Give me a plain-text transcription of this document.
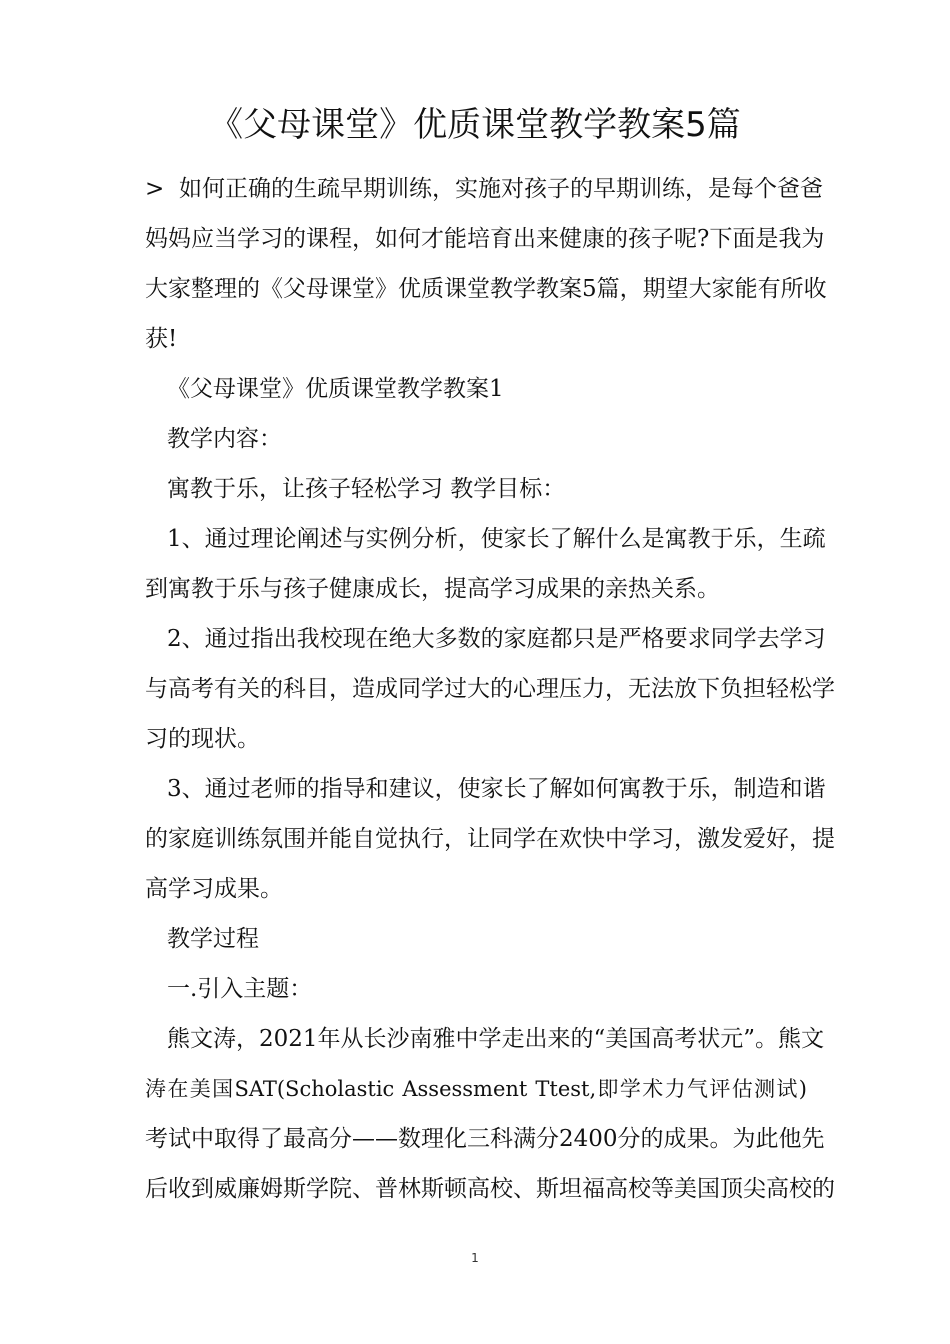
《父母课堂》优质课堂教学教案5篇
> 如何正确的生疏早期训练，实施对孩子的早期训练，是每个爸爸
妈妈应当学习的课程，如何才能培育出来健康的孩子呢?下面是我为
大家整理的《父母课堂》优质课堂教学教案5篇，期望大家能有所收
获!
《父母课堂》优质课堂教学教案1
教学内容：
寓教于乐，让孩子轻松学习 教学目标：
1、通过理论阐述与实例分析，使家长了解什么是寓教于乐，生疏
到寓教于乐与孩子健康成长，提高学习成果的亲热关系。
2、通过指出我校现在绝大多数的家庭都只是严格要求同学去学习
与高考有关的科目，造成同学过大的心理压力，无法放下负担轻松学
习的现状。
3、通过老师的指导和建议，使家长了解如何寓教于乐，制造和谐
的家庭训练氛围并能自觉执行，让同学在欢快中学习，激发爱好，提
高学习成果。
教学过程
一.引入主题：
熊文涛，2021年从长沙南雅中学走出来的“美国高考状元”。熊文
涛在美国SAT(Scholastic Assessment Ttest,即学术力气评估测试)
考试中取得了最高分——数理化三科满分2400分的成果。为此他先
后收到威廉姆斯学院、普林斯顿高校、斯坦福高校等美国顶尖高校的
1
